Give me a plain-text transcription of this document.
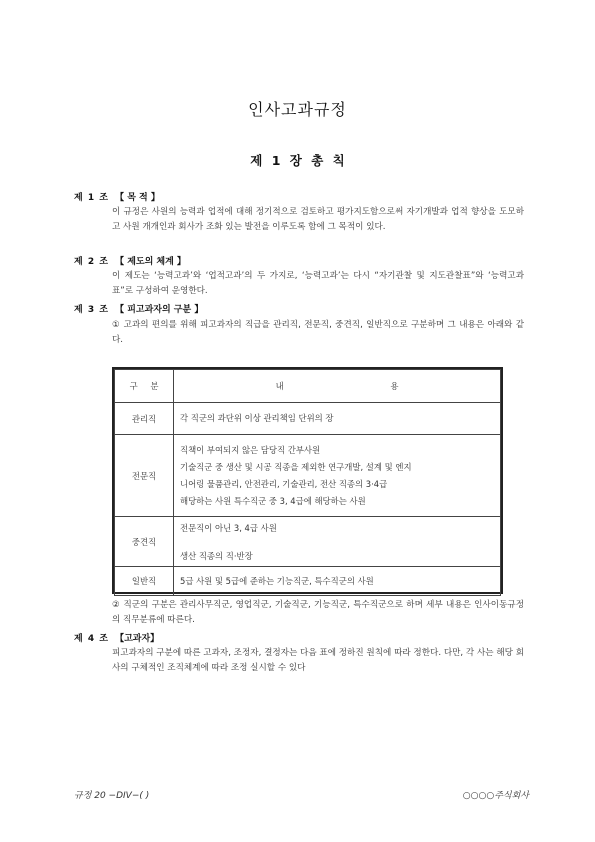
인사고과규정
제 1 장 총 칙
제 1 조 【 목 적 】
이 규정은 사원의 능력과 업적에 대해 정기적으로 검토하고 평가지도함으로써 자기개발과 업적 향상을 도모하고 사원 개개인과 회사가 조화 있는 발전을 이루도록 함에 그 목적이 있다.
제 2 조 【 제도의 체계 】
이 제도는 ‘능력고과’와 ‘업적고과’의 두 가지로, ‘능력고과’는 다시 “자기관찰 및 지도관찰표”와 ‘능력고과표”로 구성하여 운영한다.
제 3 조 【 피고과자의 구분 】
① 고과의 편의를 위해 피고과자의 직급을 관리직, 전문직, 중견직, 일반직으로 구분하며 그 내용은 아래와 같다.
구 분	내 용
관리직	각 직군의 과단위 이상 관리책임 단위의 장

전문직	직책이 부여되지 않은 담당직 간부사원
기술직군 중 생산 및 시공 직종을 제외한 연구개발, 설계 및 엔지
니어링 물품관리, 안전관리, 기술관리, 전산 직종의 3·4급
해당하는 사원 특수직군 중 3, 4급에 해당하는 사원

중견직	전문직이 아닌 3, 4급 사원
생산 직종의 직·반장

일반직	5급 사원 및 5급에 준하는 기능직군, 특수직군의 사원
② 직군의 구분은 관리사무직군, 영업직군, 기술직군, 기능직군, 특수직군으로 하며 세부 내용은 인사이동규정의 직무분류에 따른다.
제 4 조 【고과자】
피고과자의 구분에 따른 고과자, 조정자, 결정자는 다음 표에 정하진 원칙에 따라 정한다. 다만, 각 사는 해당 회사의 구체적인 조직체계에 따라 조정 실시할 수 있다
규정 20 −DIV−( )	○○○○주식회사
